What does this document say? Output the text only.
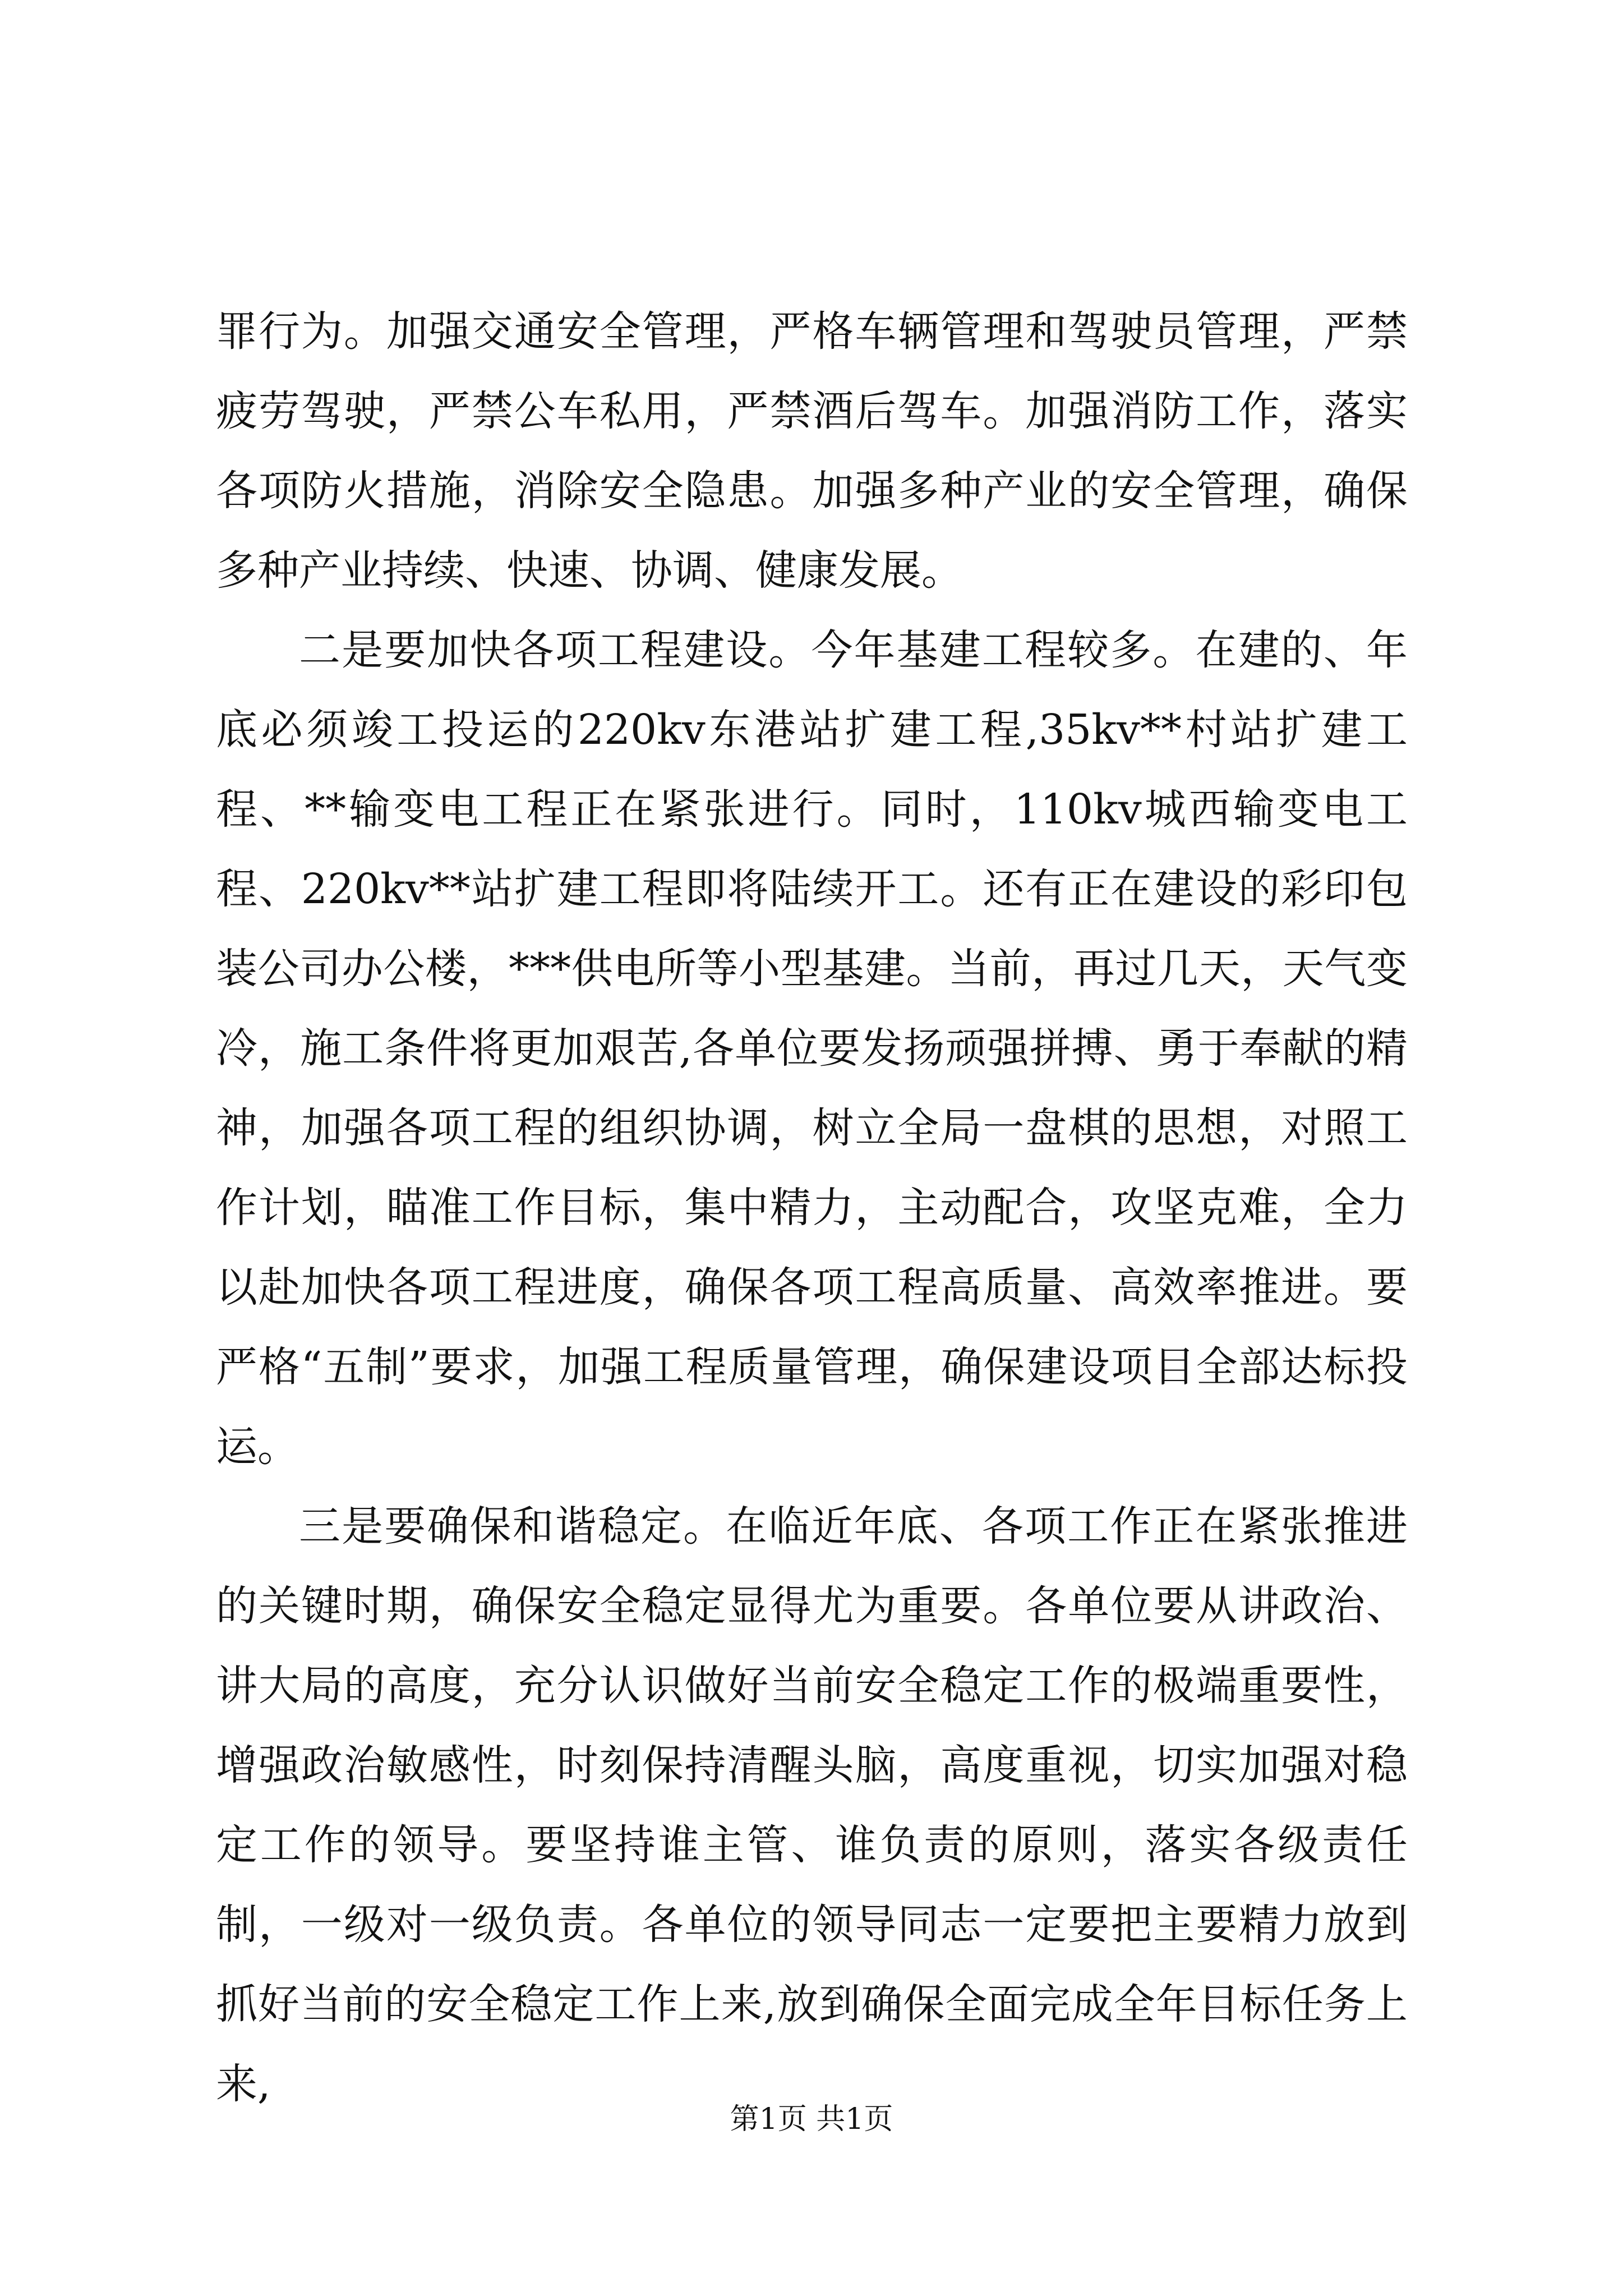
罪行为。加强交通安全管理，严格车辆管理和驾驶员管理，严禁疲劳驾驶，严禁公车私用，严禁酒后驾车。加强消防工作，落实各项防火措施，消除安全隐患。加强多种产业的安全管理，确保多种产业持续、快速、协调、健康发展。

二是要加快各项工程建设。今年基建工程较多。在建的、年底必须竣工投运的220kv东港站扩建工程,35kv**村站扩建工程、**输变电工程正在紧张进行。同时，110kv城西输变电工程、220kv**站扩建工程即将陆续开工。还有正在建设的彩印包装公司办公楼，***供电所等小型基建。当前，再过几天，天气变冷，施工条件将更加艰苦,各单位要发扬顽强拼搏、勇于奉献的精神，加强各项工程的组织协调，树立全局一盘棋的思想，对照工作计划，瞄准工作目标，集中精力，主动配合，攻坚克难，全力以赴加快各项工程进度，确保各项工程高质量、高效率推进。要严格“五制”要求，加强工程质量管理，确保建设项目全部达标投运。

三是要确保和谐稳定。在临近年底、各项工作正在紧张推进的关键时期，确保安全稳定显得尤为重要。各单位要从讲政治、讲大局的高度，充分认识做好当前安全稳定工作的极端重要性，增强政治敏感性，时刻保持清醒头脑，高度重视，切实加强对稳定工作的领导。要坚持谁主管、谁负责的原则，落实各级责任制，一级对一级负责。各单位的领导同志一定要把主要精力放到抓好当前的安全稳定工作上来,放到确保全面完成全年目标任务上来,

第1页 共1页
